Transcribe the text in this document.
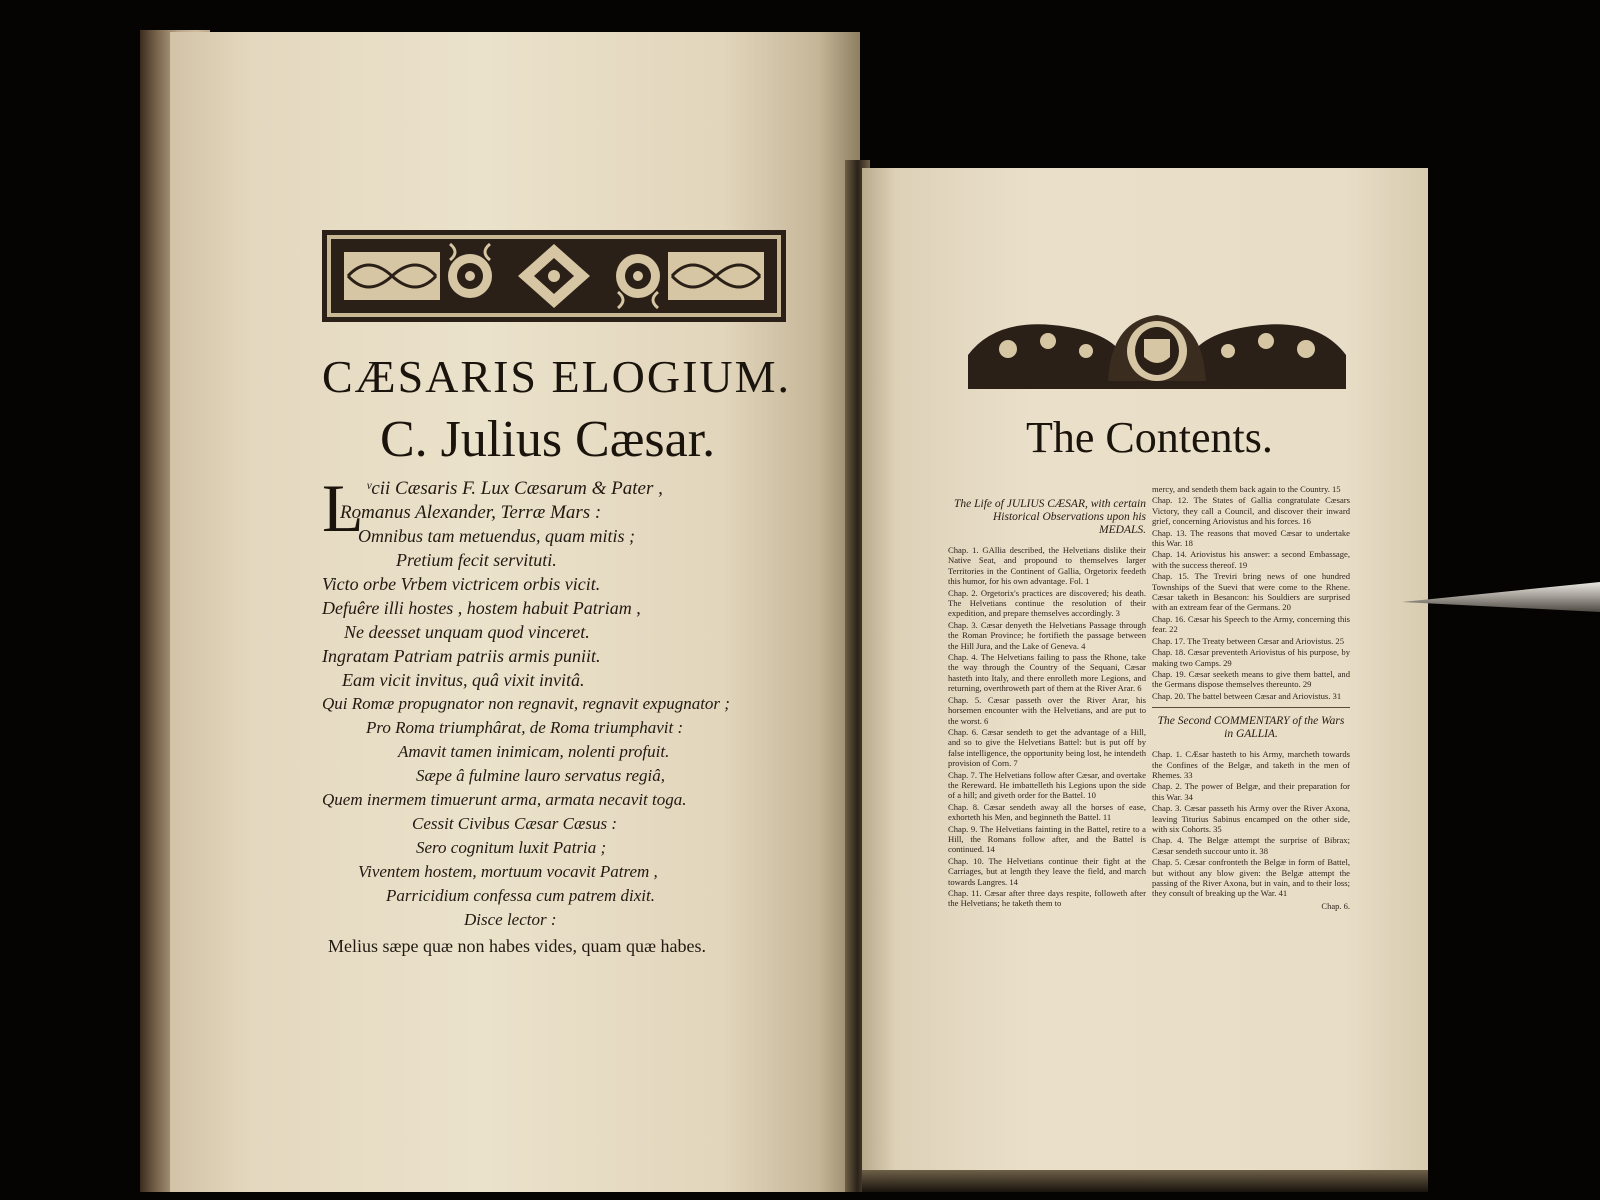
CÆSARIS ELOGIUM.
C. Julius Cæsar.
L ᵛcii Cæsaris F. Lux Cæsarum & Pater ,
Romanus Alexander, Terræ Mars :
Omnibus tam metuendus, quam mitis ;
Pretium fecit servituti.
Victo orbe Vrbem victricem orbis vicit.
Defuêre illi hostes , hostem habuit Patriam ,
Ne deesset unquam quod vinceret.
Ingratam Patriam patriis armis puniit.
Eam vicit invitus, quâ vixit invitâ.
Qui Romæ propugnator non regnavit, regnavit expugnator ;
Pro Roma triumphârat, de Roma triumphavit :
Amavit tamen inimicam, nolenti profuit.
Sæpe â fulmine lauro servatus regiâ,
Quem inermem timuerunt arma, armata necavit toga.
Cessit Civibus Cæsar Cæsus :
Sero cognitum luxit Patria ;
Viventem hostem, mortuum vocavit Patrem ,
Parricidium confessa cum patrem dixit.
Disce lector :
Melius sæpe quæ non habes vides, quam quæ habes.
The Contents.
The Life of JULIUS CÆSAR, with certain Historical Observations upon his MEDALS.
Chap. 1. GAllia described, the Helvetians dislike their Native Seat, and propound to themselves larger Territories in the Continent of Gallia, Orgetorix feedeth this humor, for his own advantage. Fol. 1
Chap. 2. Orgetorix's practices are discovered; his death. The Helvetians continue the resolution of their expedition, and prepare themselves accordingly. 3
Chap. 3. Cæsar denyeth the Helvetians Passage through the Roman Province; he fortifieth the passage between the Hill Jura, and the Lake of Geneva. 4
Chap. 4. The Helvetians failing to pass the Rhone, take the way through the Country of the Sequani, Cæsar hasteth into Italy, and there enrolleth more Legions, and returning, overthroweth part of them at the River Arar. 6
Chap. 5. Cæsar passeth over the River Arar, his horsemen encounter with the Helvetians, and are put to the worst. 6
Chap. 6. Cæsar sendeth to get the advantage of a Hill, and so to give the Helvetians Battel: but is put off by false intelligence, the opportunity being lost, he intendeth provision of Corn. 7
Chap. 7. The Helvetians follow after Cæsar, and overtake the Rereward. He imbattelleth his Legions upon the side of a hill; and giveth order for the Battel. 10
Chap. 8. Cæsar sendeth away all the horses of ease, exhorteth his Men, and beginneth the Battel. 11
Chap. 9. The Helvetians fainting in the Battel, retire to a Hill, the Romans follow after, and the Battel is continued. 14
Chap. 10. The Helvetians continue their fight at the Carriages, but at length they leave the field, and march towards Langres. 14
Chap. 11. Cæsar after three days respite, followeth after the Helvetians; he taketh them to
mercy, and sendeth them back again to the Country. 15
Chap. 12. The States of Gallia congratulate Cæsars Victory, they call a Council, and discover their inward grief, concerning Ariovistus and his forces. 16
Chap. 13. The reasons that moved Cæsar to undertake this War. 18
Chap. 14. Ariovistus his answer: a second Embassage, with the success thereof. 19
Chap. 15. The Treviri bring news of one hundred Townships of the Suevi that were come to the Rhene. Cæsar taketh in Besancon: his Souldiers are surprised with an extream fear of the Germans. 20
Chap. 16. Cæsar his Speech to the Army, concerning this fear. 22
Chap. 17. The Treaty between Cæsar and Ariovistus. 25
Chap. 18. Cæsar preventeth Ariovistus of his purpose, by making two Camps. 29
Chap. 19. Cæsar seeketh means to give them battel, and the Germans dispose themselves thereunto. 29
Chap. 20. The battel between Cæsar and Ariovistus. 31
The Second COMMENTARY of the Wars in GALLIA.
Chap. 1. CÆsar hasteth to his Army, marcheth towards the Confines of the Belgæ, and taketh in the men of Rhemes. 33
Chap. 2. The power of Belgæ, and their preparation for this War. 34
Chap. 3. Cæsar passeth his Army over the River Axona, leaving Titurius Sabinus encamped on the other side, with six Cohorts. 35
Chap. 4. The Belgæ attempt the surprise of Bibrax; Cæsar sendeth succour unto it. 38
Chap. 5. Cæsar confronteth the Belgæ in form of Battel, but without any blow given: the Belgæ attempt the passing of the River Axona, but in vain, and to their loss; they consult of breaking up the War. 41
Chap. 6.
